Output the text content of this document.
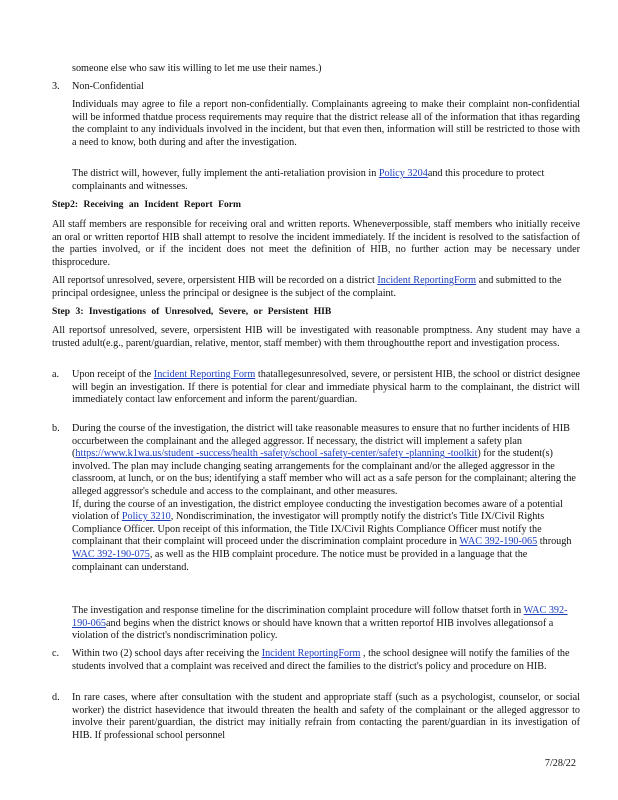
someone else who saw itis willing to let me use their names.)

3. Non-Confidential

Individuals may agree to file a report non-confidentially. Complainants agreeing to make their complaint non-confidential will be informed thatdue process requirements may require that the district release all of the information that ithas regarding the complaint to any individuals involved in the incident, but that even then, information will still be restricted to those with a need to know, both during and after the investigation.

The district will, however, fully implement the anti-retaliation provision in Policy 3204and this procedure to protect complainants and witnesses.

Step2: Receiving an Incident Report Form

All staff members are responsible for receiving oral and written reports. Wheneverpossible, staff members who initially receive an oral or written reportof HIB shall attempt to resolve the incident immediately. If the incident is resolved to the satisfaction of the parties involved, or if the incident does not meet the definition of HIB, no further action may be necessary under thisprocedure.

All reportsof unresolved, severe, orpersistent HIB will be recorded on a district Incident ReportingForm and submitted to the principal ordesignee, unless the principal or designee is the subject of the complaint.

Step 3: Investigations of Unresolved, Severe, or Persistent HIB

All reportsof unresolved, severe, orpersistent HIB will be investigated with reasonable promptness. Any student may have a trusted adult(e.g., parent/guardian, relative, mentor, staff member) with them throughoutthe report and investigation process.

a. Upon receipt of the Incident Reporting Form thatallegesunresolved, severe, or persistent HIB, the school or district designee will begin an investigation. If there is potential for clear and immediate physical harm to the complainant, the district will immediately contact law enforcement and inform the parent/guardian.

b. During the course of the investigation, the district will take reasonable measures to ensure that no further incidents of HIB occurbetween the complainant and the alleged aggressor. If necessary, the district will implement a safety plan (https://www.k1wa.us/student -success/health -safety/school -safety-center/safety -planning -toolkit) for the student(s) involved. The plan may include changing seating arrangements for the complainant and/or the alleged aggressor in the classroom, at lunch, or on the bus; identifying a staff member who will act as a safe person for the complainant; altering the alleged aggressor's schedule and access to the complainant, and other measures.
If, during the course of an investigation, the district employee conducting the investigation becomes aware of a potential violation of Policy 3210, Nondiscrimination, the investigator will promptly notify the district's Title IX/Civil Rights Compliance Officer. Upon receipt of this information, the Title IX/Civil Rights Compliance Officer must notify the complainant that their complaint will proceed under the discrimination complaint procedure in WAC 392-190-065 through WAC 392-190-075, as well as the HIB complaint procedure. The notice must be provided in a language that the complainant can understand.

The investigation and response timeline for the discrimination complaint procedure will follow thatset forth in WAC 392-190-065and begins when the district knows or should have known that a written reportof HIB involves allegationsof a violation of the district's nondiscrimination policy.

c. Within two (2) school days after receiving the Incident ReportingForm , the school designee will notify the families of the students involved that a complaint was received and direct the families to the district's policy and procedure on HIB.

d. In rare cases, where after consultation with the student and appropriate staff (such as a psychologist, counselor, or social worker) the district hasevidence that itwould threaten the health and safety of the complainant or the alleged aggressor to involve their parent/guardian, the district may initially refrain from contacting the parent/guardian in its investigation of HIB. If professional school personnel

7/28/22
